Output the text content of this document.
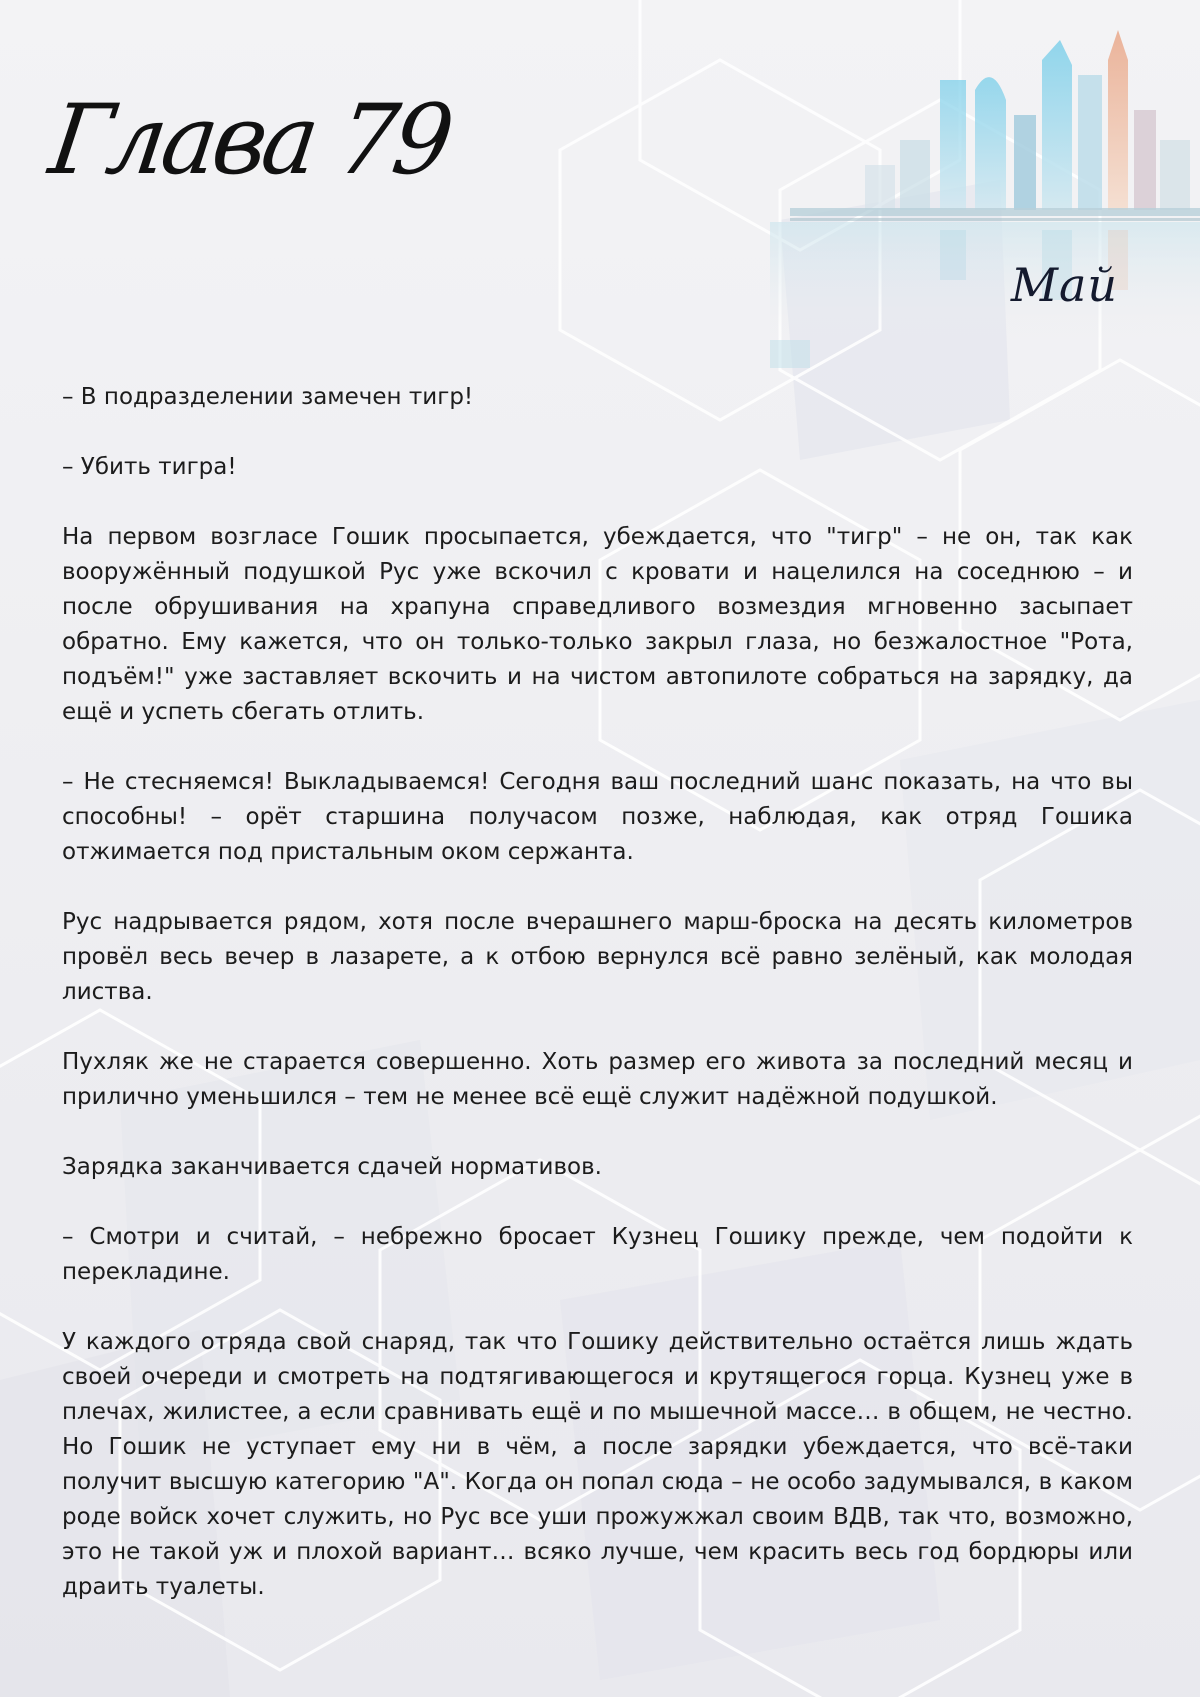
Глава 79
Май

– В подразделении замечен тигр!

– Убить тигра!

На первом возгласе Гошик просыпается, убеждается, что "тигр" – не он, так как вооружённый подушкой Рус уже вскочил с кровати и нацелился на соседнюю – и после обрушивания на храпуна справедливого возмездия мгновенно засыпает обратно. Ему кажется, что он только-только закрыл глаза, но безжалостное "Рота, подъём!" уже заставляет вскочить и на чистом автопилоте собраться на зарядку, да ещё и успеть сбегать отлить.

– Не стесняемся! Выкладываемся! Сегодня ваш последний шанс показать, на что вы способны! – орёт старшина получасом позже, наблюдая, как отряд Гошика отжимается под пристальным оком сержанта.

Рус надрывается рядом, хотя после вчерашнего марш-броска на десять километров провёл весь вечер в лазарете, а к отбою вернулся всё равно зелёный, как молодая листва.

Пухляк же не старается совершенно. Хоть размер его живота за последний месяц и прилично уменьшился – тем не менее всё ещё служит надёжной подушкой.

Зарядка заканчивается сдачей нормативов.

– Смотри и считай, – небрежно бросает Кузнец Гошику прежде, чем подойти к перекладине.

У каждого отряда свой снаряд, так что Гошику действительно остаётся лишь ждать своей очереди и смотреть на подтягивающегося и крутящегося горца. Кузнец уже в плечах, жилистее, а если сравнивать ещё и по мышечной массе… в общем, не честно. Но Гошик не уступает ему ни в чём, а после зарядки убеждается, что всё-таки получит высшую категорию "А". Когда он попал сюда – не особо задумывался, в каком роде войск хочет служить, но Рус все уши прожужжал своим ВДВ, так что, возможно, это не такой уж и плохой вариант… всяко лучше, чем красить весь год бордюры или драить туалеты.
